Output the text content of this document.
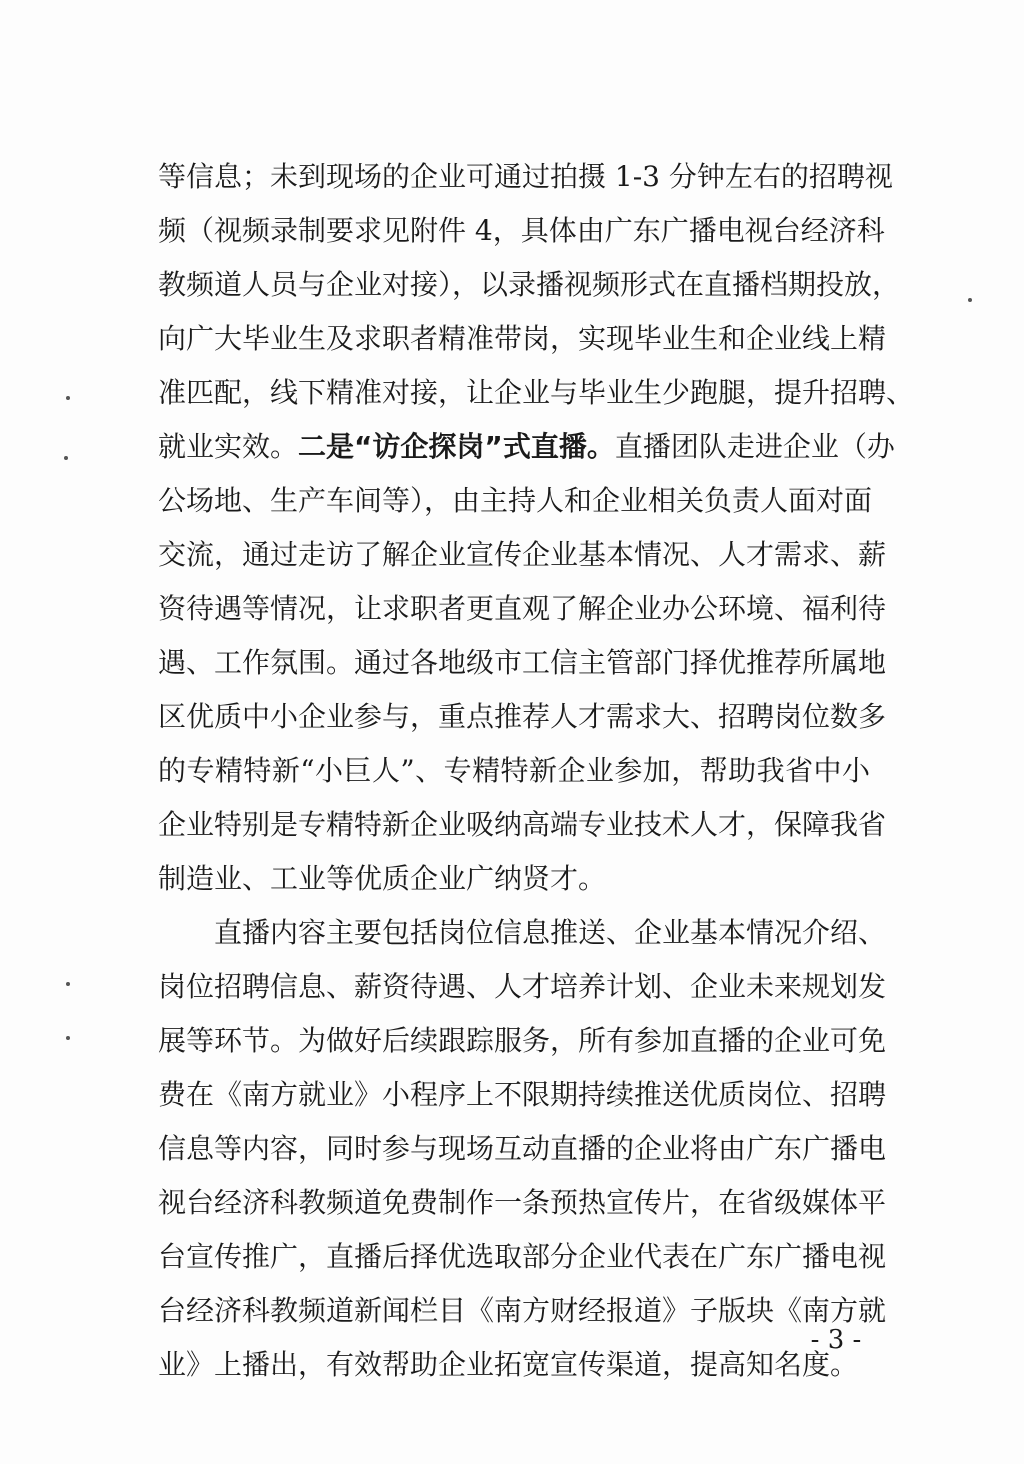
等信息；未到现场的企业可通过拍摄 1-3 分钟左右的招聘视
频（视频录制要求见附件 4，具体由广东广播电视台经济科
教频道人员与企业对接），以录播视频形式在直播档期投放，
向广大毕业生及求职者精准带岗，实现毕业生和企业线上精
准匹配，线下精准对接，让企业与毕业生少跑腿，提升招聘、
就业实效。二是“访企探岗”式直播。直播团队走进企业（办
公场地、生产车间等），由主持人和企业相关负责人面对面
交流，通过走访了解企业宣传企业基本情况、人才需求、薪
资待遇等情况，让求职者更直观了解企业办公环境、福利待
遇、工作氛围。通过各地级市工信主管部门择优推荐所属地
区优质中小企业参与，重点推荐人才需求大、招聘岗位数多
的专精特新“小巨人”、专精特新企业参加，帮助我省中小
企业特别是专精特新企业吸纳高端专业技术人才，保障我省
制造业、工业等优质企业广纳贤才。
直播内容主要包括岗位信息推送、企业基本情况介绍、
岗位招聘信息、薪资待遇、人才培养计划、企业未来规划发
展等环节。为做好后续跟踪服务，所有参加直播的企业可免
费在《南方就业》小程序上不限期持续推送优质岗位、招聘
信息等内容，同时参与现场互动直播的企业将由广东广播电
视台经济科教频道免费制作一条预热宣传片，在省级媒体平
台宣传推广，直播后择优选取部分企业代表在广东广播电视
台经济科教频道新闻栏目《南方财经报道》子版块《南方就
业》上播出，有效帮助企业拓宽宣传渠道，提高知名度。
- 3 -
